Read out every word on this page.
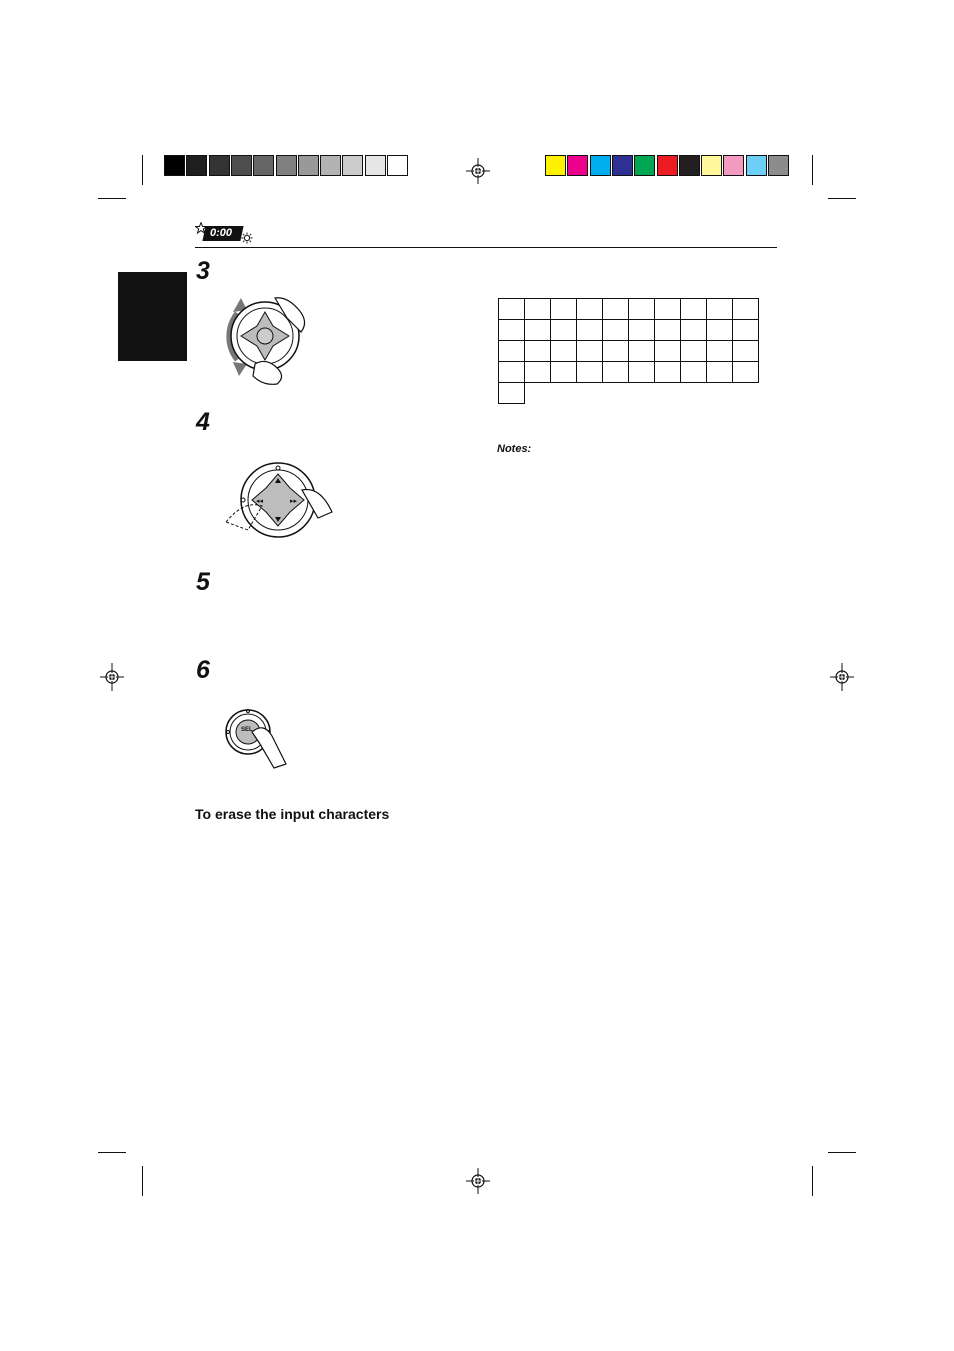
0:00
3
4
5
6
◂◂	▸▸
SEL

Notes:
To erase the input characters
